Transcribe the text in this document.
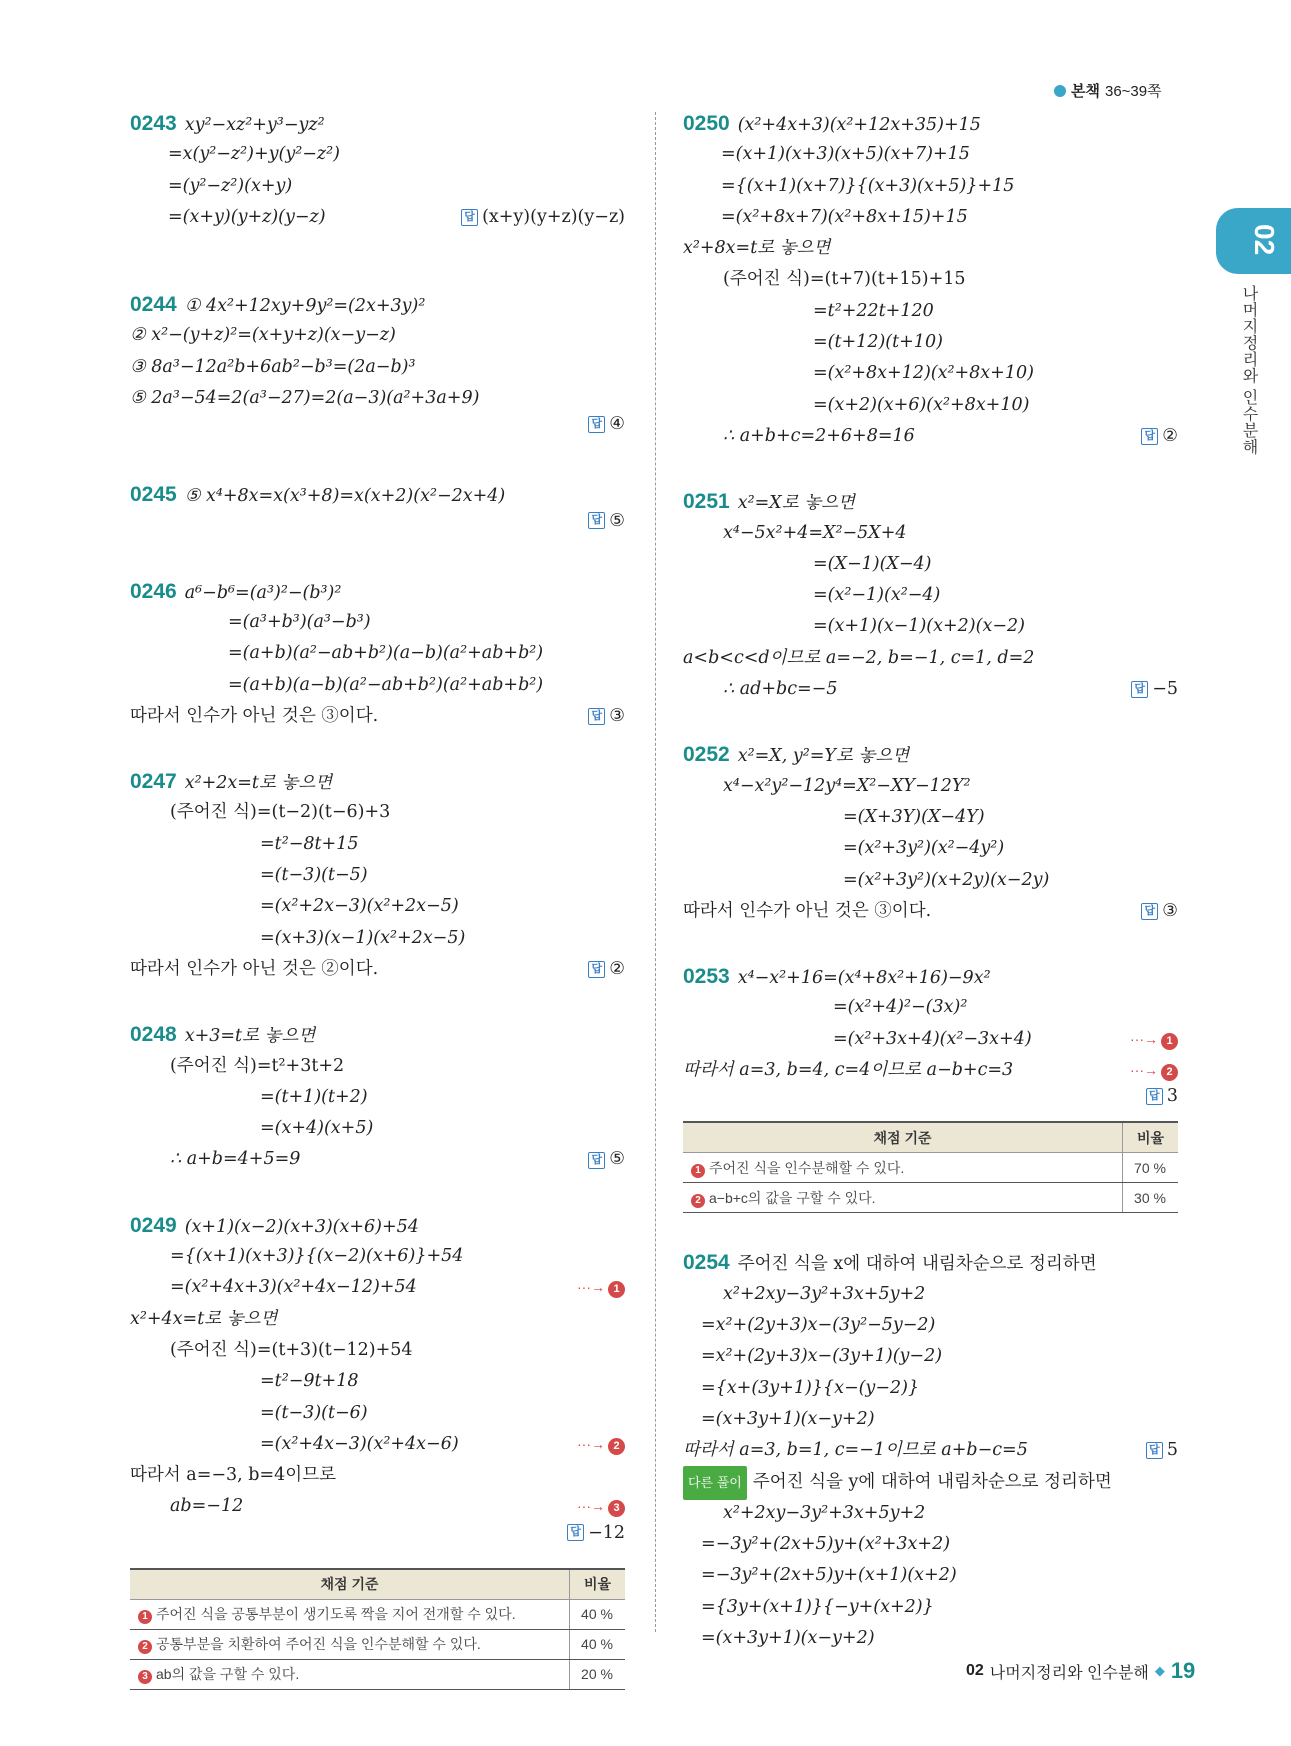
본책 36~39쪽
02
나머지정리와 인수분해
0243 xy²−xz²+y³−yz²
=x(y²−z²)+y(y²−z²)
=(y²−z²)(x+y)
=(x+y)(y+z)(y−z)	답 (x+y)(y+z)(y−z)
0244 ① 4x²+12xy+9y²=(2x+3y)²
② x²−(y+z)²=(x+y+z)(x−y−z)
③ 8a³−12a²b+6ab²−b³=(2a−b)³
⑤ 2a³−54=2(a³−27)=2(a−3)(a²+3a+9)
답 ④
0245 ⑤ x⁴+8x=x(x³+8)=x(x+2)(x²−2x+4)
답 ⑤
0246 a⁶−b⁶=(a³)²−(b³)²
=(a³+b³)(a³−b³)
=(a+b)(a²−ab+b²)(a−b)(a²+ab+b²)
=(a+b)(a−b)(a²−ab+b²)(a²+ab+b²)
따라서 인수가 아닌 것은 ③이다.	답 ③
0247 x²+2x=t로 놓으면
(주어진 식)=(t−2)(t−6)+3
=t²−8t+15
=(t−3)(t−5)
=(x²+2x−3)(x²+2x−5)
=(x+3)(x−1)(x²+2x−5)
따라서 인수가 아닌 것은 ②이다.	답 ②
0248 x+3=t로 놓으면
(주어진 식)=t²+3t+2
=(t+1)(t+2)
=(x+4)(x+5)
∴ a+b=4+5=9	답 ⑤
0249 (x+1)(x−2)(x+3)(x+6)+54
={(x+1)(x+3)}{(x−2)(x+6)}+54
=(x²+4x+3)(x²+4x−12)+54	···→ 1
x²+4x=t로 놓으면
(주어진 식)=(t+3)(t−12)+54
=t²−9t+18
=(t−3)(t−6)
=(x²+4x−3)(x²+4x−6)	···→ 2
따라서 a=−3, b=4이므로
ab=−12	···→ 3
답 −12
채점 기준	비율
1 주어진 식을 공통부분이 생기도록 짝을 지어 전개할 수 있다.	40 %
2 공통부분을 치환하여 주어진 식을 인수분해할 수 있다.	40 %
3 ab의 값을 구할 수 있다.	20 %
0250 (x²+4x+3)(x²+12x+35)+15
=(x+1)(x+3)(x+5)(x+7)+15
={(x+1)(x+7)}{(x+3)(x+5)}+15
=(x²+8x+7)(x²+8x+15)+15
x²+8x=t로 놓으면
(주어진 식)=(t+7)(t+15)+15
=t²+22t+120
=(t+12)(t+10)
=(x²+8x+12)(x²+8x+10)
=(x+2)(x+6)(x²+8x+10)
∴ a+b+c=2+6+8=16	답 ②
0251 x²=X로 놓으면
x⁴−5x²+4=X²−5X+4
=(X−1)(X−4)
=(x²−1)(x²−4)
=(x+1)(x−1)(x+2)(x−2)
a<b<c<d이므로 a=−2, b=−1, c=1, d=2
∴ ad+bc=−5	답 −5
0252 x²=X, y²=Y로 놓으면
x⁴−x²y²−12y⁴=X²−XY−12Y²
=(X+3Y)(X−4Y)
=(x²+3y²)(x²−4y²)
=(x²+3y²)(x+2y)(x−2y)
따라서 인수가 아닌 것은 ③이다.	답 ③
0253 x⁴−x²+16=(x⁴+8x²+16)−9x²
=(x²+4)²−(3x)²
=(x²+3x+4)(x²−3x+4)	···→ 1
따라서 a=3, b=4, c=4이므로 a−b+c=3	···→ 2
답 3
채점 기준	비율
1 주어진 식을 인수분해할 수 있다.	70 %
2 a−b+c의 값을 구할 수 있다.	30 %
0254 주어진 식을 x에 대하여 내림차순으로 정리하면
x²+2xy−3y²+3x+5y+2
=x²+(2y+3)x−(3y²−5y−2)
=x²+(2y+3)x−(3y+1)(y−2)
={x+(3y+1)}{x−(y−2)}
=(x+3y+1)(x−y+2)
따라서 a=3, b=1, c=−1이므로 a+b−c=5	답 5
다른 풀이 주어진 식을 y에 대하여 내림차순으로 정리하면
x²+2xy−3y²+3x+5y+2
=−3y²+(2x+5)y+(x²+3x+2)
=−3y²+(2x+5)y+(x+1)(x+2)
={3y+(x+1)}{−y+(x+2)}
=(x+3y+1)(x−y+2)
02 나머지정리와 인수분해 ◆ 19
